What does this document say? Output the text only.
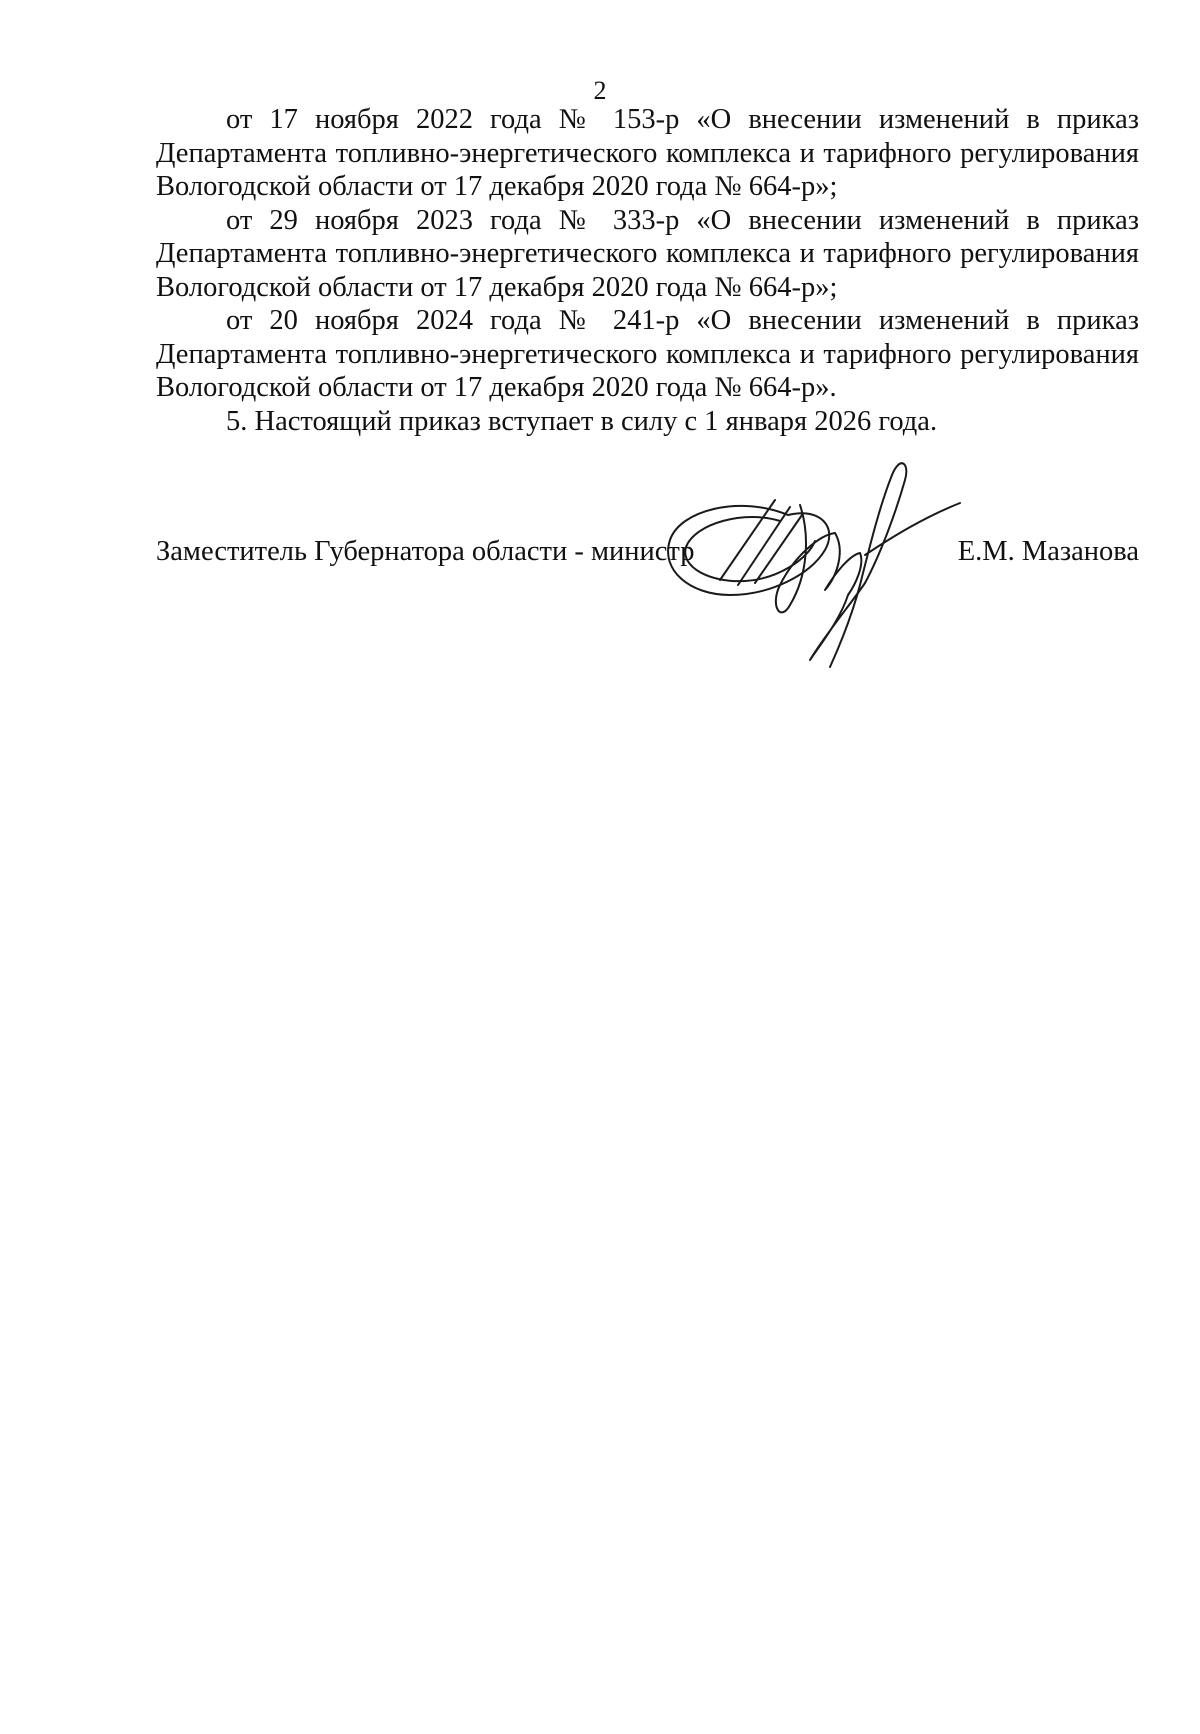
2

от 17 ноября 2022 года № 153-р «О внесении изменений в приказ Департамента топливно-энергетического комплекса и тарифного регулирования Вологодской области от 17 декабря 2020 года № 664-р»;

от 29 ноября 2023 года № 333-р «О внесении изменений в приказ Департамента топливно-энергетического комплекса и тарифного регулирования Вологодской области от 17 декабря 2020 года № 664-р»;

от 20 ноября 2024 года № 241-р «О внесении изменений в приказ Департамента топливно-энергетического комплекса и тарифного регулирования Вологодской области от 17 декабря 2020 года № 664-р».

5. Настоящий приказ вступает в силу с 1 января 2026 года.

Заместитель Губернатора области - министр	Е.М. Мазанова
